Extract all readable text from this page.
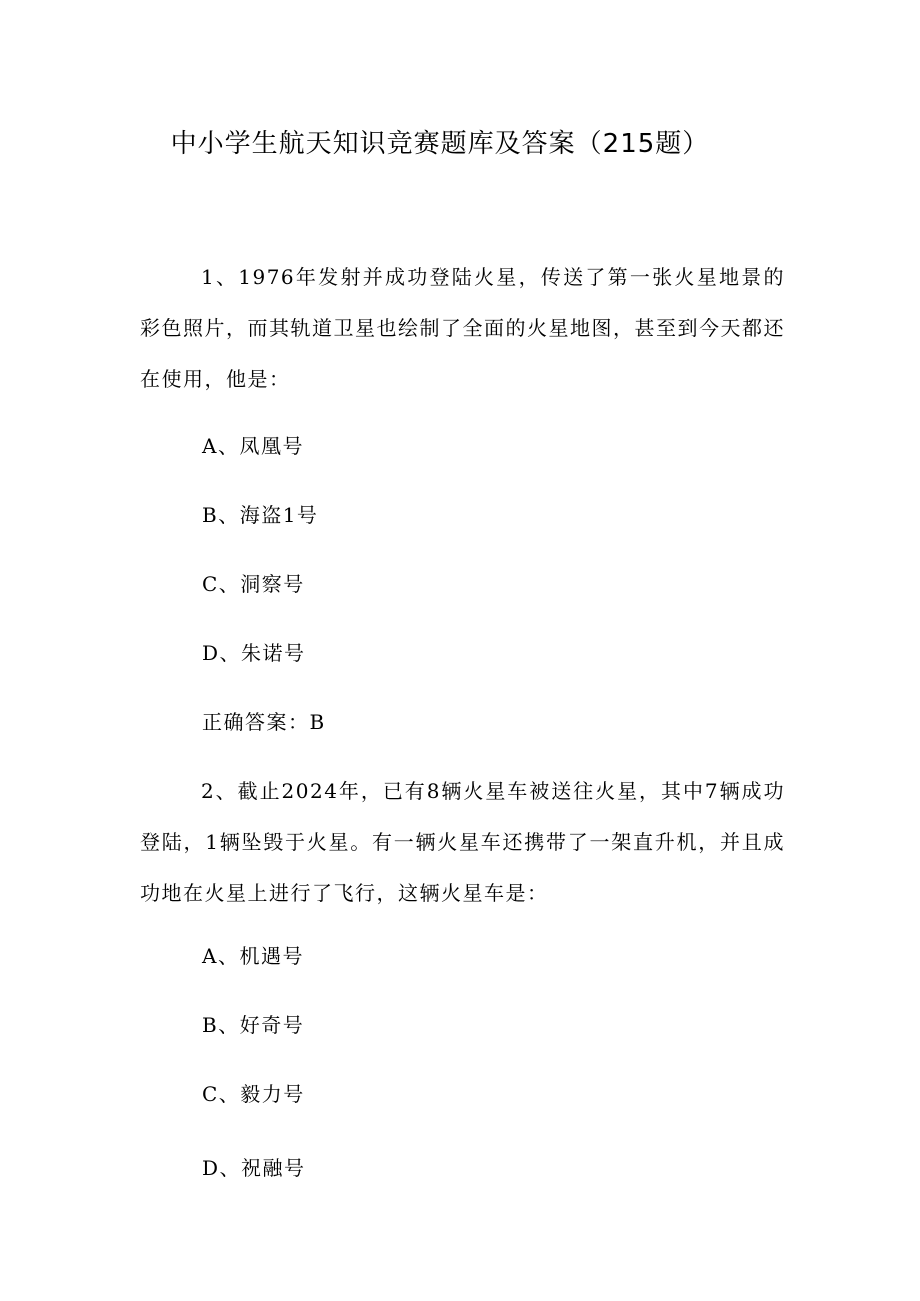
中小学生航天知识竞赛题库及答案（215题）
1、1976年发射并成功登陆火星，传送了第一张火星地景的彩色照片，而其轨道卫星也绘制了全面的火星地图，甚至到今天都还在使用，他是：
A、凤凰号
B、海盗1号
C、洞察号
D、朱诺号
正确答案：B
2、截止2024年，已有8辆火星车被送往火星，其中7辆成功 登陆，1辆坠毁于火星。有一辆火星车还携带了一架直升机，并且成 功地在火星上进行了飞行，这辆火星车是：
A、机遇号
B、好奇号
C、毅力号
D、祝融号
